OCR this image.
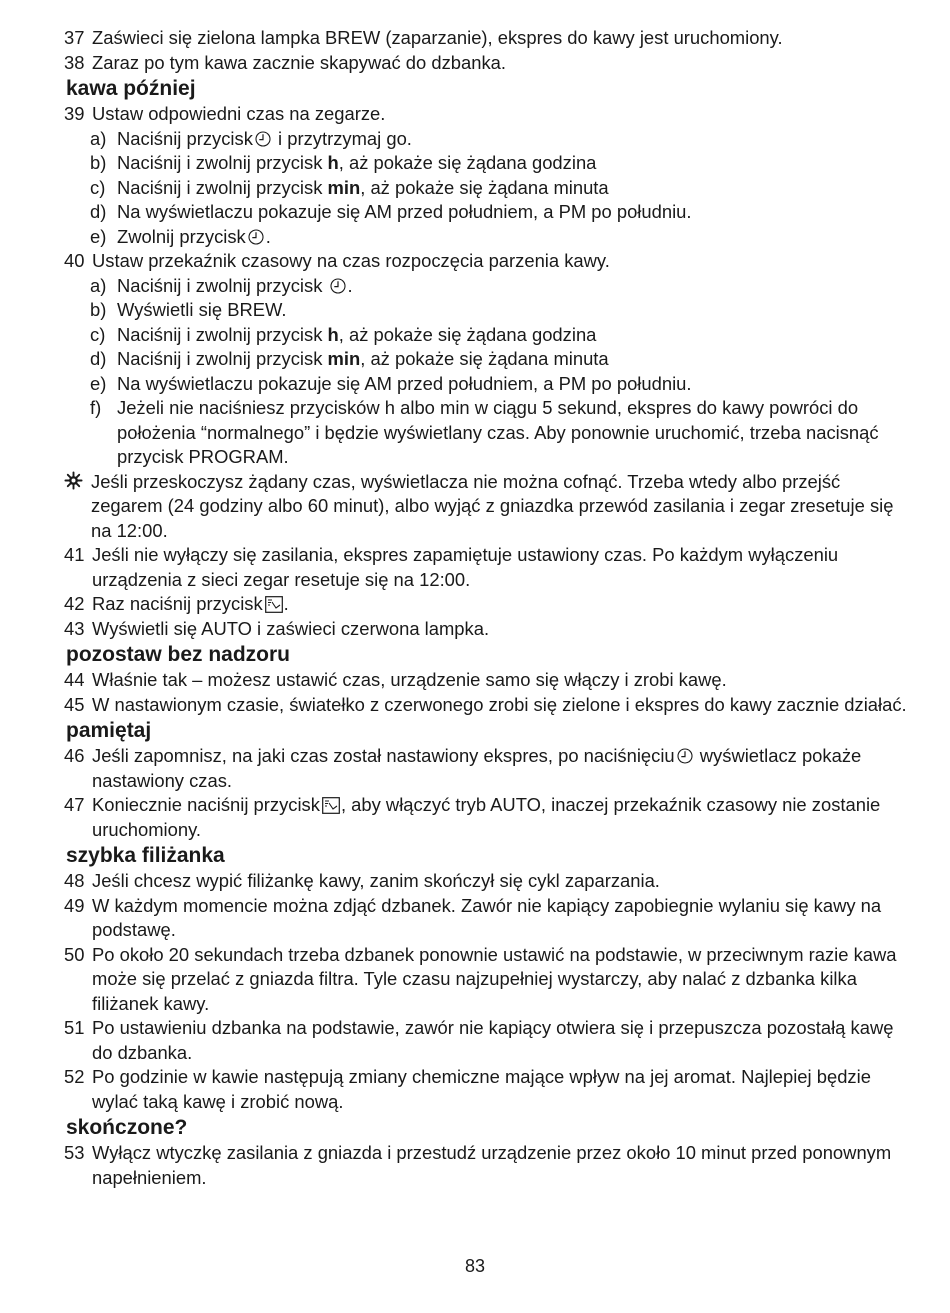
37 Zaświeci się zielona lampka BREW (zaparzanie), ekspres do kawy jest uruchomiony.
38 Zaraz po tym kawa zacznie skapywać do dzbanka.
kawa później
39 Ustaw odpowiedni czas na zegarze.
a) Naciśnij przycisk i przytrzymaj go.
b) Naciśnij i zwolnij przycisk h, aż pokaże się żądana godzina
c) Naciśnij i zwolnij przycisk min, aż pokaże się żądana minuta
d) Na wyświetlaczu pokazuje się AM przed południem, a PM po południu.
e) Zwolnij przycisk .
40 Ustaw przekaźnik czasowy na czas rozpoczęcia parzenia kawy.
a) Naciśnij i zwolnij przycisk .
b) Wyświetli się BREW.
c) Naciśnij i zwolnij przycisk h, aż pokaże się żądana godzina
d) Naciśnij i zwolnij przycisk min, aż pokaże się żądana minuta
e) Na wyświetlaczu pokazuje się AM przed południem, a PM po południu.
f) Jeżeli nie naciśniesz przycisków h albo min w ciągu 5 sekund, ekspres do kawy powróci do położenia “normalnego” i będzie wyświetlany czas. Aby ponownie uruchomić, trzeba nacisnąć przycisk PROGRAM.
Jeśli przeskoczysz żądany czas, wyświetlacza nie można cofnąć. Trzeba wtedy albo przejść zegarem (24 godziny albo 60 minut), albo wyjąć z gniazdka przewód zasilania i zegar zresetuje się na 12:00.
41 Jeśli nie wyłączy się zasilania, ekspres zapamiętuje ustawiony czas. Po każdym wyłączeniu urządzenia z sieci zegar resetuje się na 12:00.
42 Raz naciśnij przycisk .
43 Wyświetli się AUTO i zaświeci czerwona lampka.
pozostaw bez nadzoru
44 Właśnie tak – możesz ustawić czas, urządzenie samo się włączy i zrobi kawę.
45 W nastawionym czasie, światełko z czerwonego zrobi się zielone i ekspres do kawy zacznie działać.
pamiętaj
46 Jeśli zapomnisz, na jaki czas został nastawiony ekspres, po naciśnięciu wyświetlacz pokaże nastawiony czas.
47 Koniecznie naciśnij przycisk , aby włączyć tryb AUTO, inaczej przekaźnik czasowy nie zostanie uruchomiony.
szybka filiżanka
48 Jeśli chcesz wypić filiżankę kawy, zanim skończył się cykl zaparzania.
49 W każdym momencie można zdjąć dzbanek. Zawór nie kapiący zapobiegnie wylaniu się kawy na podstawę.
50 Po około 20 sekundach trzeba dzbanek ponownie ustawić na podstawie, w przeciwnym razie kawa może się przelać z gniazda filtra. Tyle czasu najzupełniej wystarczy, aby nalać z dzbanka kilka filiżanek kawy.
51 Po ustawieniu dzbanka na podstawie, zawór nie kapiący otwiera się i przepuszcza pozostałą kawę do dzbanka.
52 Po godzinie w kawie następują zmiany chemiczne mające wpływ na jej aromat. Najlepiej będzie wylać taką kawę i zrobić nową.
skończone?
53 Wyłącz wtyczkę zasilania z gniazda i przestudź urządzenie przez około 10 minut przed ponownym napełnieniem.
83
